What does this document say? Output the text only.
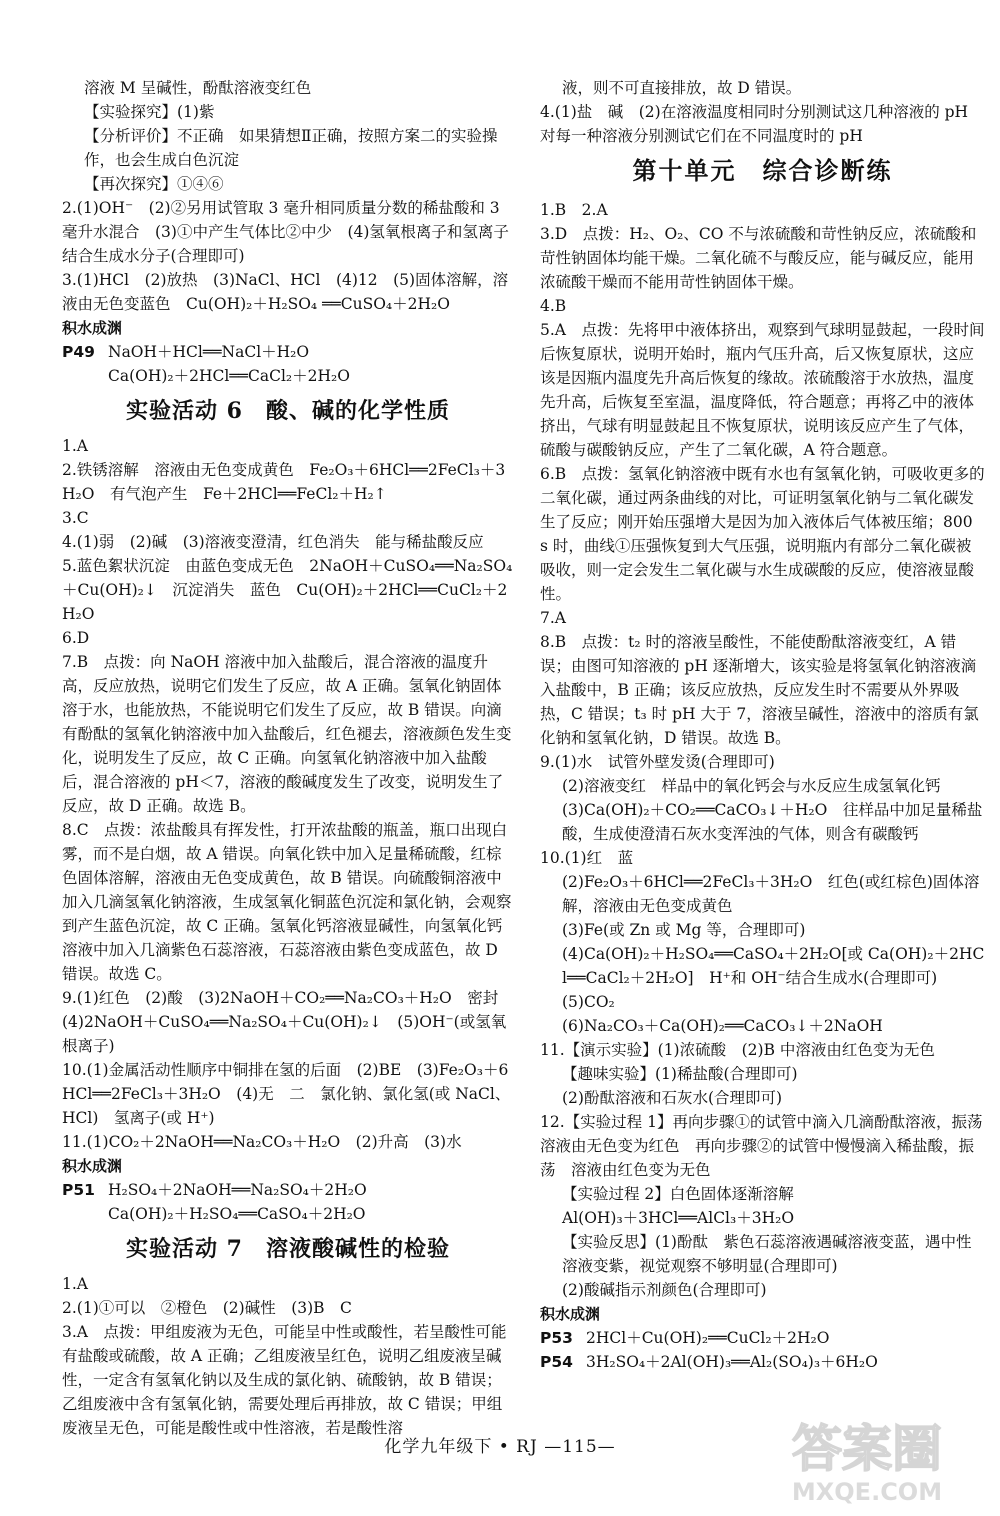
溶液 M 呈碱性，酚酞溶液变红色

【实验探究】(1)紫

【分析评价】不正确　如果猜想Ⅱ正确，按照方案二的实验操作，也会生成白色沉淀

【再次探究】①④⑥

2.(1)OH⁻　(2)②另用试管取 3 毫升相同质量分数的稀盐酸和 3 毫升水混合　(3)①中产生气体比②中少　(4)氢氧根离子和氢离子结合生成水分子(合理即可)

3.(1)HCl　(2)放热　(3)NaCl、HCl　(4)12　(5)固体溶解，溶液由无色变蓝色　Cu(OH)₂＋H₂SO₄ ══CuSO₄＋2H₂O

积水成渊

P49 NaOH＋HCl══NaCl＋H₂O

Ca(OH)₂＋2HCl══CaCl₂＋2H₂O

实验活动 6　酸、碱的化学性质

1.A

2.铁锈溶解　溶液由无色变成黄色　Fe₂O₃＋6HCl══2FeCl₃＋3H₂O　有气泡产生　Fe＋2HCl══FeCl₂＋H₂↑

3.C

4.(1)弱　(2)碱　(3)溶液变澄清，红色消失　能与稀盐酸反应

5.蓝色絮状沉淀　由蓝色变成无色　2NaOH＋CuSO₄══Na₂SO₄＋Cu(OH)₂↓　沉淀消失　蓝色　Cu(OH)₂＋2HCl══CuCl₂＋2H₂O

6.D

7.B　点拨：向 NaOH 溶液中加入盐酸后，混合溶液的温度升高，反应放热，说明它们发生了反应，故 A 正确。氢氧化钠固体溶于水，也能放热，不能说明它们发生了反应，故 B 错误。向滴有酚酞的氢氧化钠溶液中加入盐酸后，红色褪去，溶液颜色发生变化，说明发生了反应，故 C 正确。向氢氧化钠溶液中加入盐酸后，混合溶液的 pH＜7，溶液的酸碱度发生了改变，说明发生了反应，故 D 正确。故选 B。

8.C　点拨：浓盐酸具有挥发性，打开浓盐酸的瓶盖，瓶口出现白雾，而不是白烟，故 A 错误。向氧化铁中加入足量稀硫酸，红棕色固体溶解，溶液由无色变成黄色，故 B 错误。向硫酸铜溶液中加入几滴氢氧化钠溶液，生成氢氧化铜蓝色沉淀和氯化钠，会观察到产生蓝色沉淀，故 C 正确。氢氧化钙溶液显碱性，向氢氧化钙溶液中加入几滴紫色石蕊溶液，石蕊溶液由紫色变成蓝色，故 D 错误。故选 C。

9.(1)红色　(2)酸　(3)2NaOH＋CO₂══Na₂CO₃＋H₂O　密封　(4)2NaOH＋CuSO₄══Na₂SO₄＋Cu(OH)₂↓　(5)OH⁻(或氢氧根离子)

10.(1)金属活动性顺序中铜排在氢的后面　(2)BE　(3)Fe₂O₃＋6HCl══2FeCl₃＋3H₂O　(4)无　二　氯化钠、氯化氢(或 NaCl、HCl)　氢离子(或 H⁺)

11.(1)CO₂＋2NaOH══Na₂CO₃＋H₂O　(2)升高　(3)水

积水成渊

P51 H₂SO₄＋2NaOH══Na₂SO₄＋2H₂O

Ca(OH)₂＋H₂SO₄══CaSO₄＋2H₂O

实验活动 7　溶液酸碱性的检验

1.A

2.(1)①可以　②橙色　(2)碱性　(3)B　C

3.A　点拨：甲组废液为无色，可能呈中性或酸性，若呈酸性可能有盐酸或硫酸，故 A 正确；乙组废液呈红色，说明乙组废液呈碱性，一定含有氢氧化钠以及生成的氯化钠、硫酸钠，故 B 错误；乙组废液中含有氢氧化钠，需要处理后再排放，故 C 错误；甲组废液呈无色，可能是酸性或中性溶液，若是酸性溶

液，则不可直接排放，故 D 错误。

4.(1)盐　碱　(2)在溶液温度相同时分别测试这几种溶液的 pH　对每一种溶液分别测试它们在不同温度时的 pH

第十单元　综合诊断练

1.B　2.A

3.D　点拨：H₂、O₂、CO 不与浓硫酸和苛性钠反应，浓硫酸和苛性钠固体均能干燥。二氧化硫不与酸反应，能与碱反应，能用浓硫酸干燥而不能用苛性钠固体干燥。

4.B

5.A　点拨：先将甲中液体挤出，观察到气球明显鼓起，一段时间后恢复原状，说明开始时，瓶内气压升高，后又恢复原状，这应该是因瓶内温度先升高后恢复的缘故。浓硫酸溶于水放热，温度先升高，后恢复至室温，温度降低，符合题意；再将乙中的液体挤出，气球有明显鼓起且不恢复原状，说明该反应产生了气体，硫酸与碳酸钠反应，产生了二氧化碳，A 符合题意。

6.B　点拨：氢氧化钠溶液中既有水也有氢氧化钠，可吸收更多的二氧化碳，通过两条曲线的对比，可证明氢氧化钠与二氧化碳发生了反应；刚开始压强增大是因为加入液体后气体被压缩；800 s 时，曲线①压强恢复到大气压强，说明瓶内有部分二氧化碳被吸收，则一定会发生二氧化碳与水生成碳酸的反应，使溶液显酸性。

7.A

8.B　点拨：t₂ 时的溶液呈酸性，不能使酚酞溶液变红，A 错误；由图可知溶液的 pH 逐渐增大，该实验是将氢氧化钠溶液滴入盐酸中，B 正确；该反应放热，反应发生时不需要从外界吸热，C 错误；t₃ 时 pH 大于 7，溶液呈碱性，溶液中的溶质有氯化钠和氢氧化钠，D 错误。故选 B。

9.(1)水　试管外壁发烫(合理即可)

(2)溶液变红　样品中的氧化钙会与水反应生成氢氧化钙

(3)Ca(OH)₂＋CO₂══CaCO₃↓＋H₂O　往样品中加足量稀盐酸，生成使澄清石灰水变浑浊的气体，则含有碳酸钙

10.(1)红　蓝

(2)Fe₂O₃＋6HCl══2FeCl₃＋3H₂O　红色(或红棕色)固体溶解，溶液由无色变成黄色

(3)Fe(或 Zn 或 Mg 等，合理即可)

(4)Ca(OH)₂＋H₂SO₄══CaSO₄＋2H₂O[或 Ca(OH)₂＋2HCl══CaCl₂＋2H₂O]　H⁺和 OH⁻结合生成水(合理即可)

(5)CO₂

(6)Na₂CO₃＋Ca(OH)₂══CaCO₃↓＋2NaOH

11.【演示实验】(1)浓硫酸　(2)B 中溶液由红色变为无色

【趣味实验】(1)稀盐酸(合理即可)

(2)酚酞溶液和石灰水(合理即可)

12.【实验过程 1】再向步骤①的试管中滴入几滴酚酞溶液，振荡　溶液由无色变为红色　再向步骤②的试管中慢慢滴入稀盐酸，振荡　溶液由红色变为无色

【实验过程 2】白色固体逐渐溶解

Al(OH)₃＋3HCl══AlCl₃＋3H₂O

【实验反思】(1)酚酞　紫色石蕊溶液遇碱溶液变蓝，遇中性溶液变紫，视觉观察不够明显(合理即可)

(2)酸碱指示剂颜色(合理即可)

积水成渊

P53 2HCl＋Cu(OH)₂══CuCl₂＋2H₂O

P54 3H₂SO₄＋2Al(OH)₃══Al₂(SO₄)₃＋6H₂O

化学九年级下 • RJ —115—	答案圈
MXQE.COM
